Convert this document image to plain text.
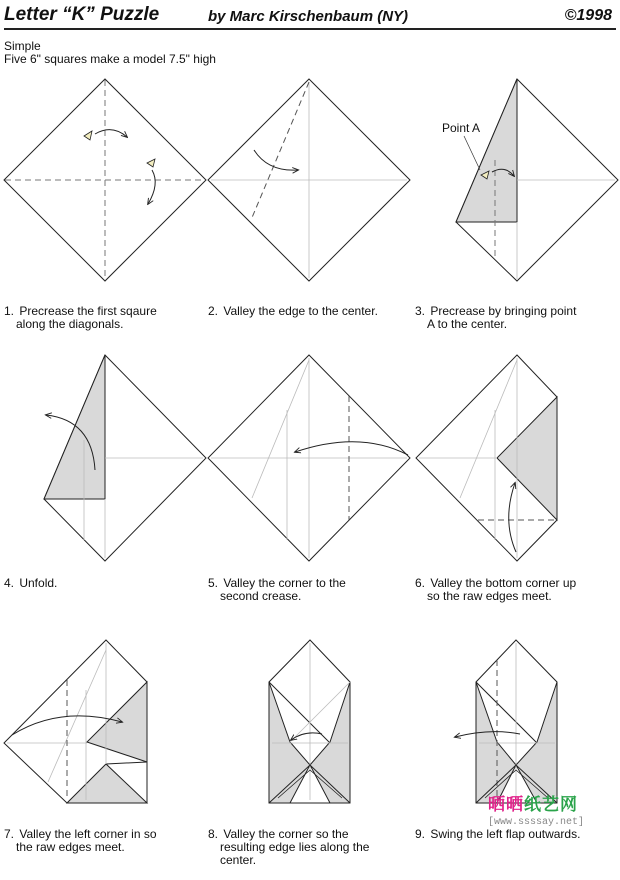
Letter “K” Puzzle	by Marc Kirschenbaum (NY)	©1998
Simple
Five 6" squares make a model 7.5" high
Point A
1. Precrease the first sqaure
along the diagonals.
2. Valley the edge to the center.	3. Precrease by bringing point
A to the center.
4. Unfold.	5. Valley the corner to the
second crease.
6. Valley the bottom corner up
so the raw edges meet.
7. Valley the left corner in so
the raw edges meet.
8. Valley the corner so the
resulting edge lies along the
center.
9. Swing the left flap outwards.
晒晒纸艺网
[www.ssssay.net]
